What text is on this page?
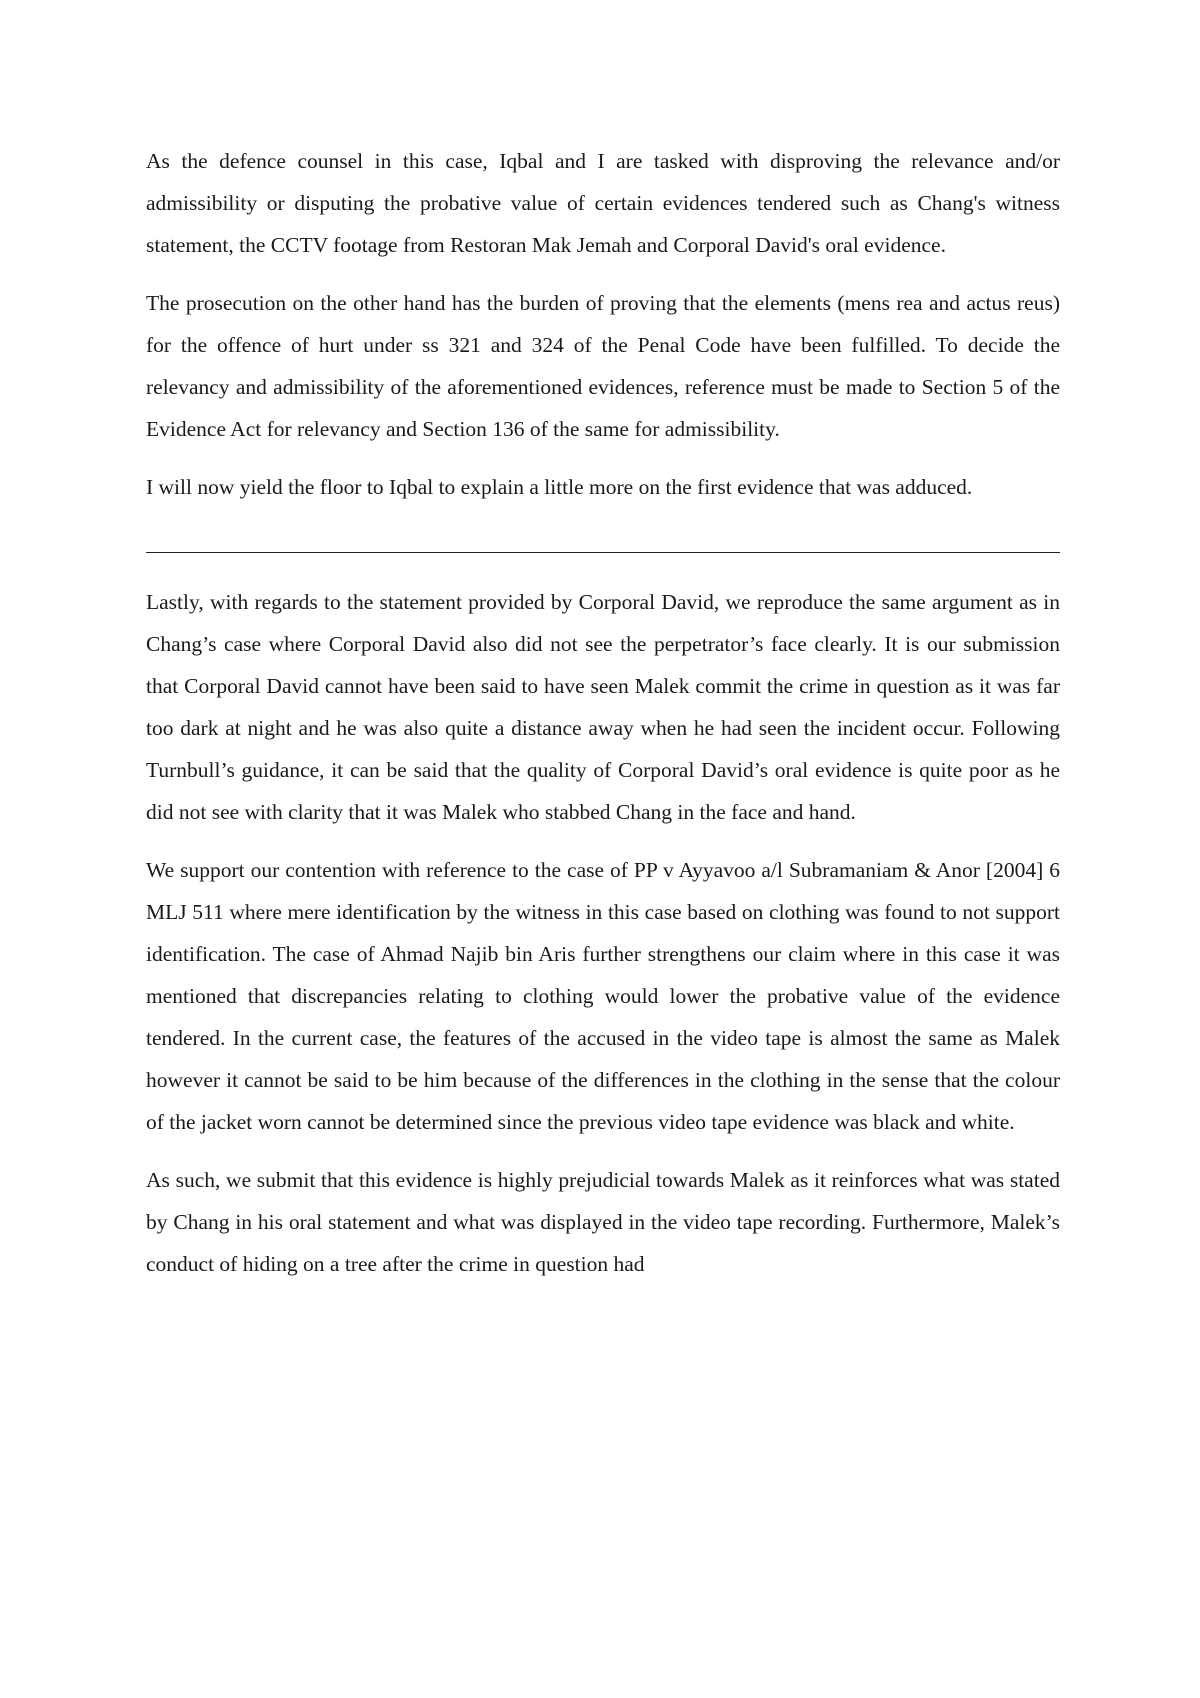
As the defence counsel in this case, Iqbal and I are tasked with disproving the relevance and/or admissibility or disputing the probative value of certain evidences tendered such as Chang's witness statement, the CCTV footage from Restoran Mak Jemah and Corporal David's oral evidence.

The prosecution on the other hand has the burden of proving that the elements (mens rea and actus reus) for the offence of hurt under ss 321 and 324 of the Penal Code have been fulfilled. To decide the relevancy and admissibility of the aforementioned evidences, reference must be made to Section 5 of the Evidence Act for relevancy and Section 136 of the same for admissibility.

I will now yield the floor to Iqbal to explain a little more on the first evidence that was adduced.

Lastly, with regards to the statement provided by Corporal David, we reproduce the same argument as in Chang’s case where Corporal David also did not see the perpetrator’s face clearly. It is our submission that Corporal David cannot have been said to have seen Malek commit the crime in question as it was far too dark at night and he was also quite a distance away when he had seen the incident occur. Following Turnbull’s guidance, it can be said that the quality of Corporal David’s oral evidence is quite poor as he did not see with clarity that it was Malek who stabbed Chang in the face and hand.

We support our contention with reference to the case of PP v Ayyavoo a/l Subramaniam & Anor [2004] 6 MLJ 511 where mere identification by the witness in this case based on clothing was found to not support identification. The case of Ahmad Najib bin Aris further strengthens our claim where in this case it was mentioned that discrepancies relating to clothing would lower the probative value of the evidence tendered. In the current case, the features of the accused in the video tape is almost the same as Malek however it cannot be said to be him because of the differences in the clothing in the sense that the colour of the jacket worn cannot be determined since the previous video tape evidence was black and white.

As such, we submit that this evidence is highly prejudicial towards Malek as it reinforces what was stated by Chang in his oral statement and what was displayed in the video tape recording. Furthermore, Malek’s conduct of hiding on a tree after the crime in question had
